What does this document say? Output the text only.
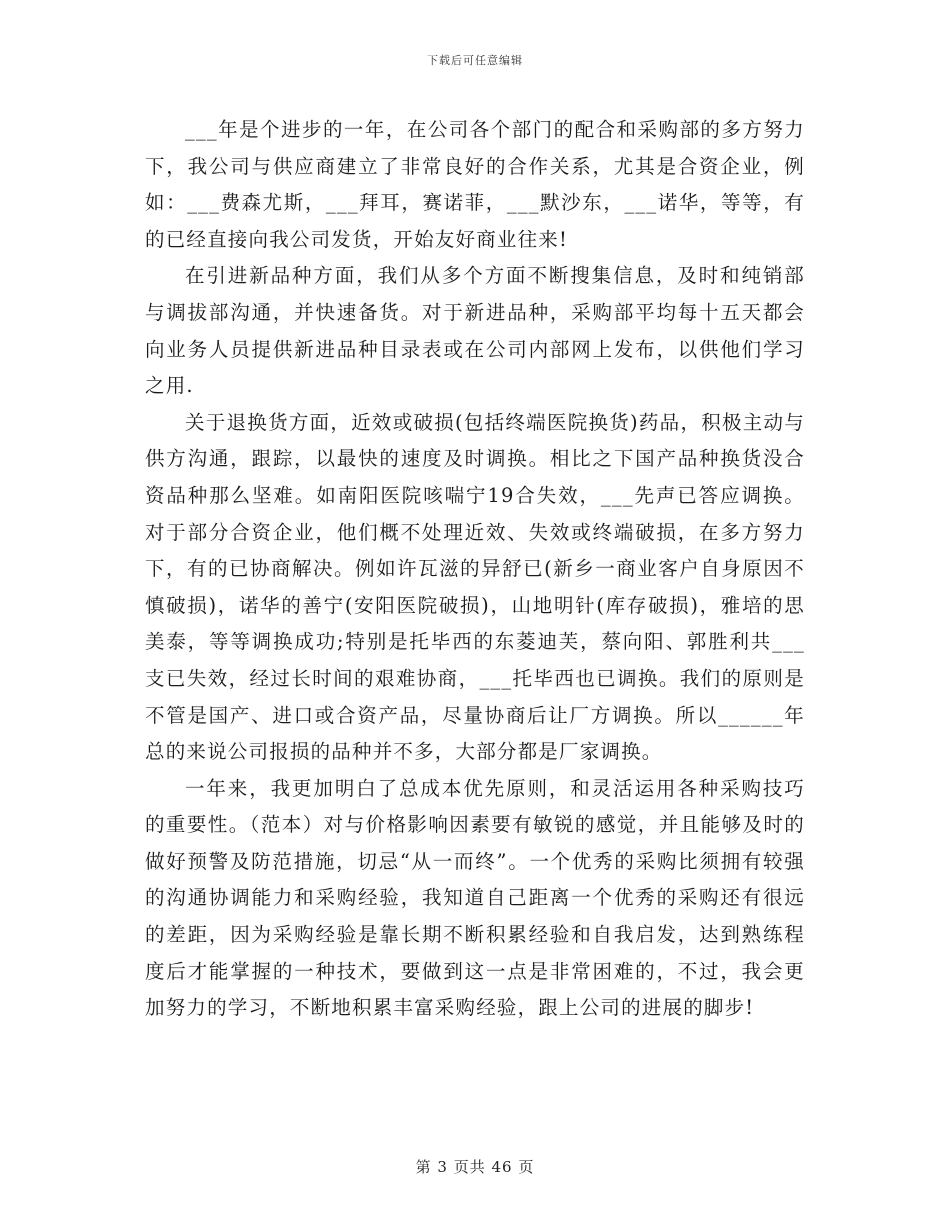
下载后可任意编辑

___年是个进步的一年，在公司各个部门的配合和采购部的多方努力下，我公司与供应商建立了非常良好的合作关系，尤其是合资企业，例如：___费森尤斯，___拜耳，赛诺菲，___默沙东，___诺华，等等，有的已经直接向我公司发货，开始友好商业往来!

在引进新品种方面，我们从多个方面不断搜集信息，及时和纯销部与调拔部沟通，并快速备货。对于新进品种，采购部平均每十五天都会向业务人员提供新进品种目录表或在公司内部网上发布，以供他们学习之用.

关于退换货方面，近效或破损(包括终端医院换货)药品，积极主动与供方沟通，跟踪，以最快的速度及时调换。相比之下国产品种换货没合资品种那么坚难。如南阳医院咳喘宁19合失效，___先声已答应调换。对于部分合资企业，他们概不处理近效、失效或终端破损，在多方努力下，有的已协商解决。例如许瓦滋的异舒已(新乡一商业客户自身原因不慎破损)，诺华的善宁(安阳医院破损)，山地明针(库存破损)，雅培的思美泰，等等调换成功;特别是托毕西的东菱迪芙，蔡向阳、郭胜利共___支已失效，经过长时间的艰难协商，___托毕西也已调换。我们的原则是不管是国产、进口或合资产品，尽量协商后让厂方调换。所以______年总的来说公司报损的品种并不多，大部分都是厂家调换。

一年来，我更加明白了总成本优先原则，和灵活运用各种采购技巧的重要性。（范本）对与价格影响因素要有敏锐的感觉，并且能够及时的做好预警及防范措施，切忌“从一而终”。一个优秀的采购比须拥有较强的沟通协调能力和采购经验，我知道自己距离一个优秀的采购还有很远的差距，因为采购经验是靠长期不断积累经验和自我启发，达到熟练程度后才能掌握的一种技术，要做到这一点是非常困难的，不过，我会更加努力的学习，不断地积累丰富采购经验，跟上公司的进展的脚步!

第 3 页共 46 页
